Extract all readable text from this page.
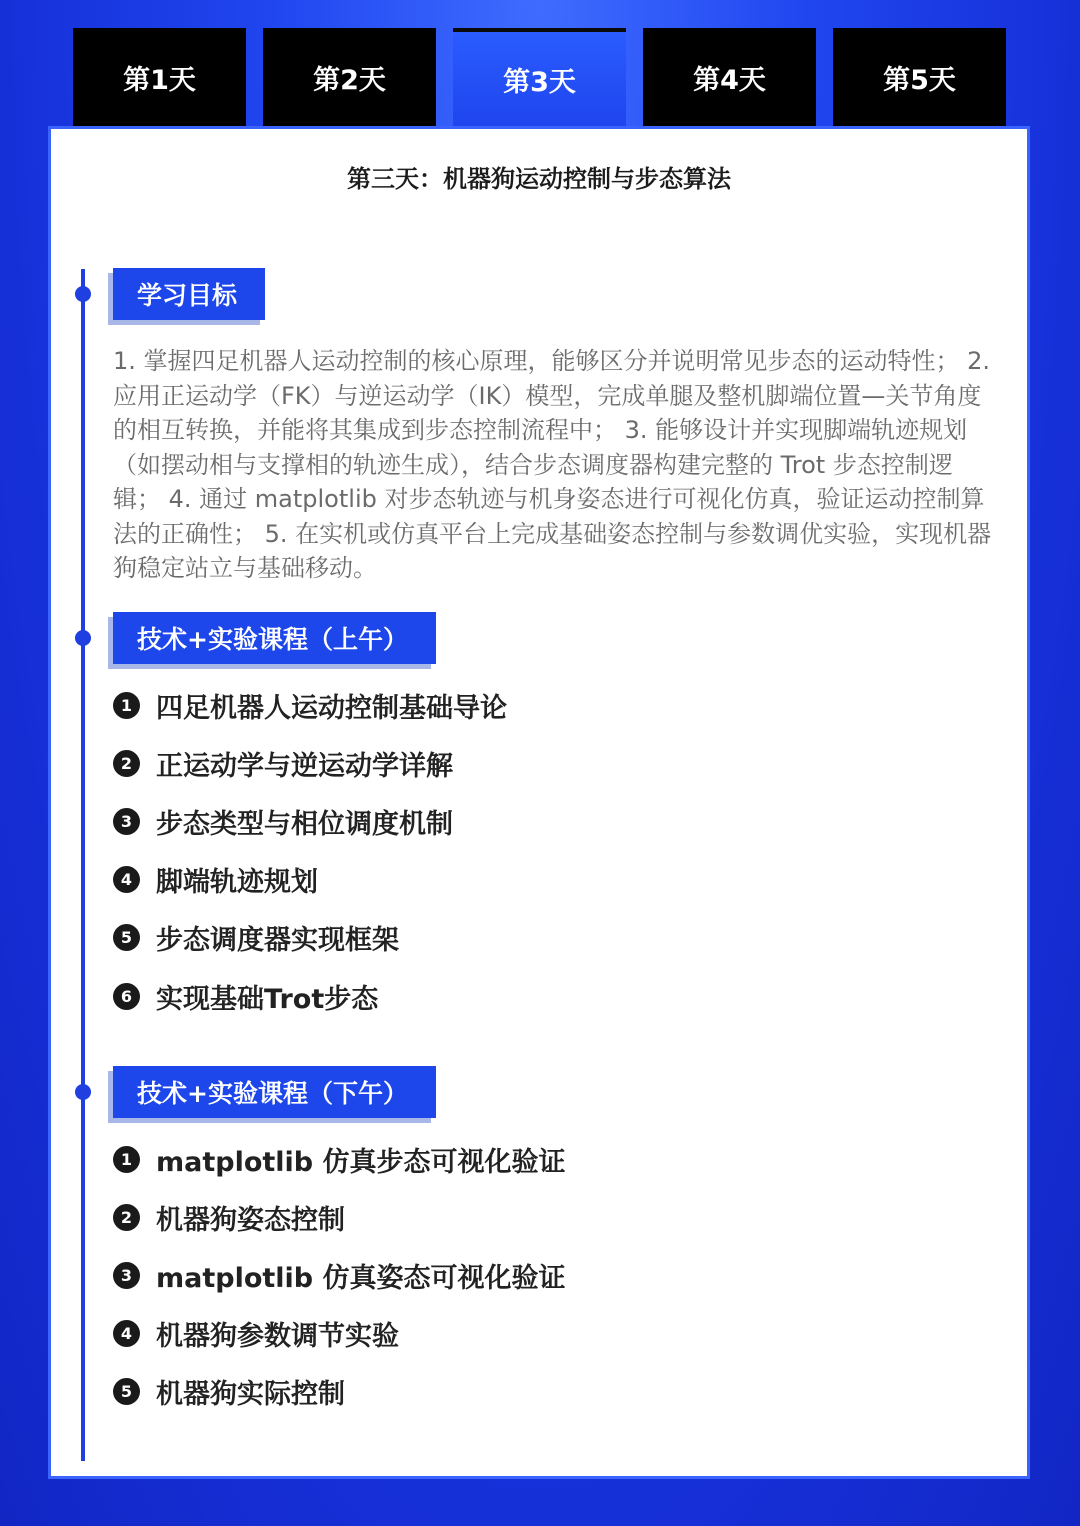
第1天	第2天	第3天	第4天	第5天
第三天：机器狗运动控制与步态算法
学习目标

1. 掌握四足机器人运动控制的核心原理，能够区分并说明常见步态的运动特性； 2. 应用正运动学（FK）与逆运动学（IK）模型，完成单腿及整机脚端位置—关节角度的相互转换，并能将其集成到步态控制流程中； 3. 能够设计并实现脚端轨迹规划（如摆动相与支撑相的轨迹生成），结合步态调度器构建完整的 Trot 步态控制逻辑； 4. 通过 matplotlib 对步态轨迹与机身姿态进行可视化仿真，验证运动控制算法的正确性； 5. 在实机或仿真平台上完成基础姿态控制与参数调优实验，实现机器狗稳定站立与基础移动。

技术+实验课程（上午）
1 四足机器人运动控制基础导论
2 正运动学与逆运动学详解
3 步态类型与相位调度机制
4 脚端轨迹规划
5 步态调度器实现框架
6 实现基础Trot步态
技术+实验课程（下午）
1 matplotlib 仿真步态可视化验证
2 机器狗姿态控制
3 matplotlib 仿真姿态可视化验证
4 机器狗参数调节实验
5 机器狗实际控制
